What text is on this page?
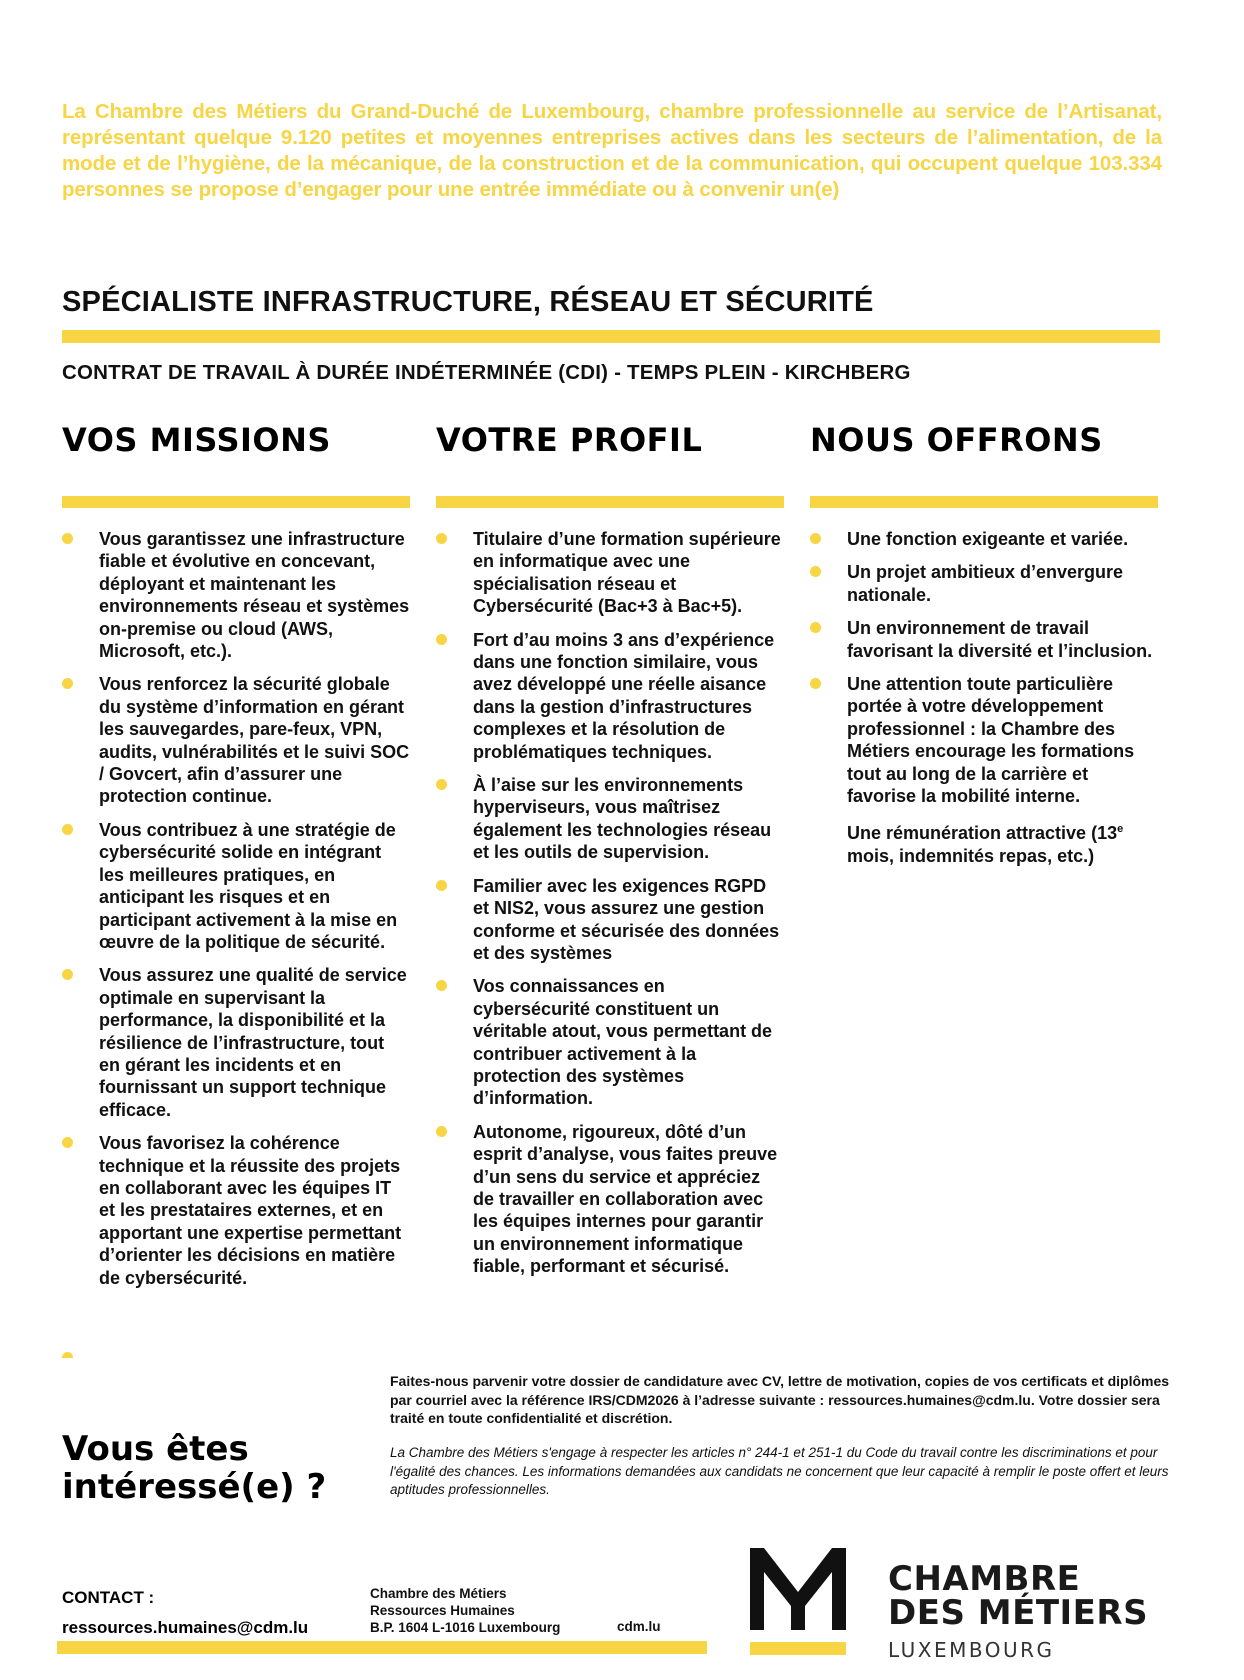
La Chambre des Métiers du Grand-Duché de Luxembourg, chambre professionnelle au service de l’Artisanat, représentant quelque 9.120 petites et moyennes entreprises actives dans les secteurs de l’alimentation, de la mode et de l’hygiène, de la mécanique, de la construction et de la communication, qui occupent quelque 103.334 personnes se propose d’engager pour une entrée immédiate ou à convenir un(e)

SPÉCIALISTE INFRASTRUCTURE, RÉSEAU ET SÉCURITÉ
CONTRAT DE TRAVAIL À DURÉE INDÉTERMINÉE (CDI) - TEMPS PLEIN - KIRCHBERG
VOS MISSIONS
Vous garantissez une infrastructure fiable et évolutive en concevant, déployant et maintenant les environnements réseau et systèmes on-premise ou cloud (AWS, Microsoft, etc.).
Vous renforcez la sécurité globale du système d’information en gérant les sauvegardes, pare-feux, VPN, audits, vulnérabilités et le suivi SOC / Govcert, afin d’assurer une protection continue.
Vous contribuez à une stratégie de cybersécurité solide en intégrant les meilleures pratiques, en anticipant les risques et en participant activement à la mise en œuvre de la politique de sécurité.
Vous assurez une qualité de service optimale en supervisant la performance, la disponibilité et la résilience de l’infrastructure, tout en gérant les incidents et en fournissant un support technique efficace.
Vous favorisez la cohérence technique et la réussite des projets en collaborant avec les équipes IT et les prestataires externes, et en apportant une expertise permettant d’orienter les décisions en matière de cybersécurité.
VOTRE PROFIL
Titulaire d’une formation supérieure en informatique avec une spécialisation réseau et Cybersécurité (Bac+3 à Bac+5).
Fort d’au moins 3 ans d’expérience dans une fonction similaire, vous avez développé une réelle aisance dans la gestion d’infrastructures complexes et la résolution de problématiques techniques.
À l’aise sur les environnements hyperviseurs, vous maîtrisez également les technologies réseau et les outils de supervision.
Familier avec les exigences RGPD et NIS2, vous assurez une gestion conforme et sécurisée des données et des systèmes
Vos connaissances en cybersécurité constituent un véritable atout, vous permettant de contribuer activement à la protection des systèmes d’information.
Autonome, rigoureux, dôté d’un esprit d’analyse, vous faites preuve d’un sens du service et appréciez de travailler en collaboration avec les équipes internes pour garantir un environnement informatique fiable, performant et sécurisé.
NOUS OFFRONS
Une fonction exigeante et variée.
Un projet ambitieux d’envergure nationale.
Un environnement de travail favorisant la diversité et l’inclusion.
Une attention toute particulière portée à votre développement professionnel : la Chambre des Métiers encourage les formations tout au long de la carrière et favorise la mobilité interne.
Une rémunération attractive (13e mois, indemnités repas, etc.)
Faites-nous parvenir votre dossier de candidature avec CV, lettre de motivation, copies de vos certificats et diplômes par courriel avec la référence IRS/CDM2026 à l’adresse suivante : ressources.humaines@cdm.lu. Votre dossier sera traité en toute confidentialité et discrétion.
La Chambre des Métiers s'engage à respecter les articles n° 244-1 et 251-1 du Code du travail contre les discriminations et pour l'égalité des chances. Les informations demandées aux candidats ne concernent que leur capacité à remplir le poste offert et leurs aptitudes professionnelles.
Vous êtes
intéressé(e) ?
CONTACT :
ressources.humaines@cdm.lu
Chambre des Métiers
Ressources Humaines
B.P. 1604 L-1016 Luxembourg	cdm.lu
CHAMBRE
DES MÉTIERS
LUXEMBOURG
